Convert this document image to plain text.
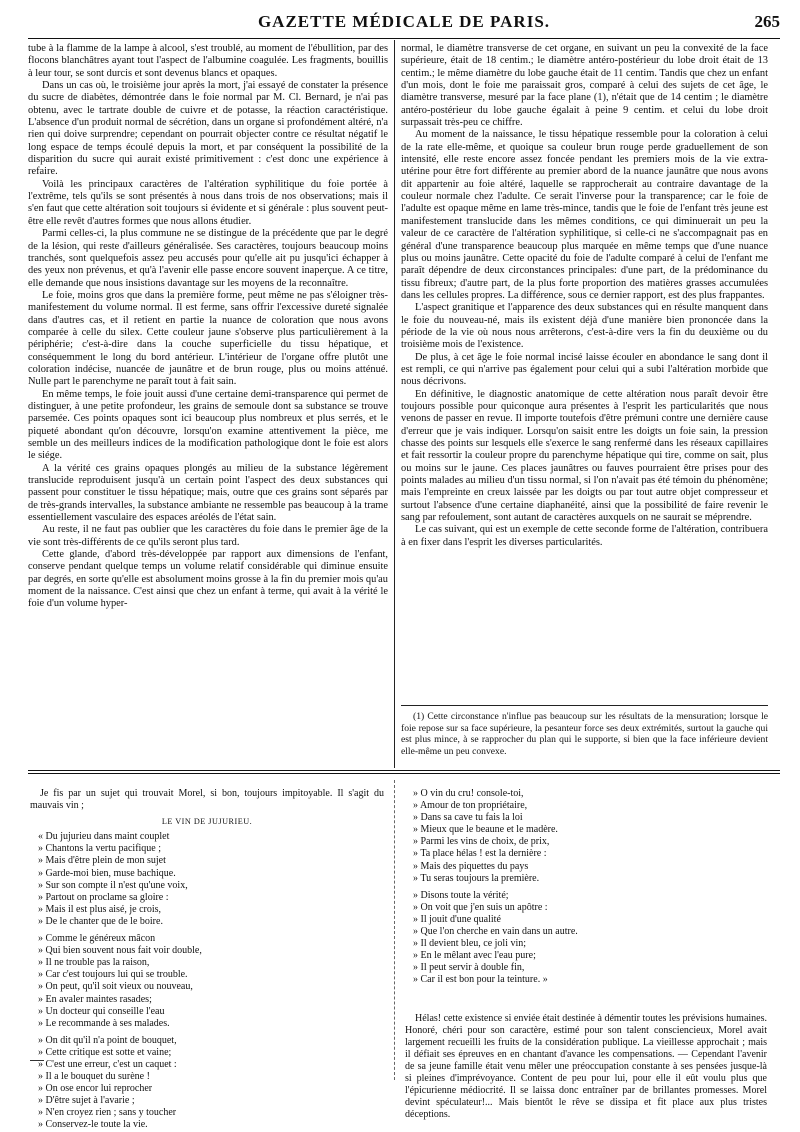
GAZETTE MÉDICALE DE PARIS.	265

tube à la flamme de la lampe à alcool, s'est troublé, au moment de l'ébullition, par des flocons blanchâtres ayant tout l'aspect de l'albumine coagulée. Les fragments, bouillis à leur tour, se sont durcis et sont devenus blancs et opaques.

Dans un cas où, le troisième jour après la mort, j'ai essayé de constater la présence du sucre de diabètes, démontrée dans le foie normal par M. Cl. Bernard, je n'ai pas obtenu, avec le tartrate double de cuivre et de potasse, la réaction caractéristique. L'absence d'un produit normal de sécrétion, dans un organe si profondément altéré, n'a rien qui doive surprendre; cependant on pourrait objecter contre ce résultat négatif le long espace de temps écoulé depuis la mort, et par conséquent la possibilité de la disparition du sucre qui aurait existé primitivement : c'est donc une expérience à refaire.

Voilà les principaux caractères de l'altération syphilitique du foie portée à l'extrême, tels qu'ils se sont présentés à nous dans trois de nos observations; mais il s'en faut que cette altération soit toujours si évidente et si générale : plus souvent peut-être elle revêt d'autres formes que nous allons étudier.

Parmi celles-ci, la plus commune ne se distingue de la précédente que par le degré de la lésion, qui reste d'ailleurs généralisée. Ses caractères, toujours beaucoup moins tranchés, sont quelquefois assez peu accusés pour qu'elle ait pu jusqu'ici échapper à des yeux non prévenus, et qu'à l'avenir elle passe encore souvent inaperçue. A ce titre, elle demande que nous insistions davantage sur les moyens de la reconnaître.

Le foie, moins gros que dans la première forme, peut même ne pas s'éloigner très-manifestement du volume normal. Il est ferme, sans offrir l'excessive dureté signalée dans d'autres cas, et il retient en partie la nuance de coloration que nous avons comparée à celle du silex. Cette couleur jaune s'observe plus particulièrement à la périphérie; c'est-à-dire dans la couche superficielle du tissu hépatique, et conséquemment le long du bord antérieur. L'intérieur de l'organe offre plutôt une coloration indécise, nuancée de jaunâtre et de brun rouge, plus ou moins atténué. Nulle part le parenchyme ne paraît tout à fait sain.

En même temps, le foie jouit aussi d'une certaine demi-transparence qui permet de distinguer, à une petite profondeur, les grains de semoule dont sa substance se trouve parsemée. Ces points opaques sont ici beaucoup plus nombreux et plus serrés, et le piqueté abondant qu'on découvre, lorsqu'on examine attentivement la pièce, me semble un des meilleurs indices de la modification pathologique dont le foie est alors le siége.

A la vérité ces grains opaques plongés au milieu de la substance légèrement translucide reproduisent jusqu'à un certain point l'aspect des deux substances qui passent pour constituer le tissu hépatique; mais, outre que ces grains sont séparés par de très-grands intervalles, la substance ambiante ne ressemble pas beaucoup à la trame essentiellement vasculaire des espaces aréolés de l'état sain.

Au reste, il ne faut pas oublier que les caractères du foie dans le premier âge de la vie sont très-différents de ce qu'ils seront plus tard.

Cette glande, d'abord très-développée par rapport aux dimensions de l'enfant, conserve pendant quelque temps un volume relatif considérable qui diminue ensuite par degrés, en sorte qu'elle est absolument moins grosse à la fin du premier mois qu'au moment de la naissance. C'est ainsi que chez un enfant à terme, qui avait à la vérité le foie d'un volume hyper-

normal, le diamètre transverse de cet organe, en suivant un peu la convexité de la face supérieure, était de 18 centim.; le diamètre antéro-postérieur du lobe droit était de 13 centim.; le même diamètre du lobe gauche était de 11 centim. Tandis que chez un enfant d'un mois, dont le foie me paraissait gros, comparé à celui des sujets de cet âge, le diamètre transverse, mesuré par la face plane (1), n'était que de 14 centim ; le diamètre antéro-postérieur du lobe gauche égalait à peine 9 centim. et celui du lobe droit surpassait très-peu ce chiffre.

Au moment de la naissance, le tissu hépatique ressemble pour la coloration à celui de la rate elle-même, et quoique sa couleur brun rouge perde graduellement de son intensité, elle reste encore assez foncée pendant les premiers mois de la vie extra-utérine pour être fort différente au premier abord de la nuance jaunâtre que nous avons dit appartenir au foie altéré, laquelle se rapprocherait au contraire davantage de la couleur normale chez l'adulte. Ce serait l'inverse pour la transparence; car le foie de l'adulte est opaque même en lame très-mince, tandis que le foie de l'enfant très jeune est manifestement translucide dans les mêmes conditions, ce qui diminuerait un peu la valeur de ce caractère de l'altération syphilitique, si celle-ci ne s'accompagnait pas en général d'une transparence beaucoup plus marquée en même temps que d'une nuance plus ou moins jaunâtre. Cette opacité du foie de l'adulte comparé à celui de l'enfant me paraît dépendre de deux circonstances principales: d'une part, de la prédominance du tissu fibreux; d'autre part, de la plus forte proportion des matières grasses accumulées dans les cellules propres. La différence, sous ce dernier rapport, est des plus frappantes.

L'aspect granitique et l'apparence des deux substances qui en résulte manquent dans le foie du nouveau-né, mais ils existent déjà d'une manière bien prononcée dans la période de la vie où nous nous arrêterons, c'est-à-dire vers la fin du deuxième ou du troisième mois de l'existence.

De plus, à cet âge le foie normal incisé laisse écouler en abondance le sang dont il est rempli, ce qui n'arrive pas également pour celui qui a subi l'altération morbide que nous décrivons.

En définitive, le diagnostic anatomique de cette altération nous paraît devoir être toujours possible pour quiconque aura présentes à l'esprit les particularités que nous venons de passer en revue. Il importe toutefois d'être prémuni contre une dernière cause d'erreur que je vais indiquer. Lorsqu'on saisit entre les doigts un foie sain, la pression chasse des points sur lesquels elle s'exerce le sang renfermé dans les réseaux capillaires et fait ressortir la couleur propre du parenchyme hépatique qui tire, comme on sait, plus ou moins sur le jaune. Ces places jaunâtres ou fauves pourraient être prises pour des points malades au milieu d'un tissu normal, si l'on n'avait pas été témoin du phénomène; mais l'empreinte en creux laissée par les doigts ou par tout autre objet compresseur et surtout l'absence d'une certaine diaphanéité, ainsi que la possibilité de faire revenir le sang par refoulement, sont autant de caractères auxquels on ne saurait se méprendre.

Le cas suivant, qui est un exemple de cette seconde forme de l'altération, contribuera à en fixer dans l'esprit les diverses particularités.

(1) Cette circonstance n'influe pas beaucoup sur les résultats de la mensuration; lorsque le foie repose sur sa face supérieure, la pesanteur force ses deux extrémités, surtout la gauche qui est plus mince, à se rapprocher du plan qui le supporte, si bien que la face inférieure devient elle-même un peu convexe.

Je fis par un sujet qui trouvait Morel, si bon, toujours impitoyable. Il s'agit du mauvais vin ;

LE VIN DE JUJURIEU.

« Du jujurieu dans maint couplet

» Chantons la vertu pacifique ;

» Mais d'être plein de mon sujet

» Garde-moi bien, muse bachique.

» Sur son compte il n'est qu'une voix,

» Partout on proclame sa gloire :

» Mais il est plus aisé, je crois,

» De le chanter que de le boire.

» Comme le généreux mâcon

» Qui bien souvent nous fait voir double,

» Il ne trouble pas la raison,

» Car c'est toujours lui qui se trouble.

» On peut, qu'il soit vieux ou nouveau,

» En avaler maintes rasades;

» Un docteur qui conseille l'eau

» Le recommande à ses malades.

» On dit qu'il n'a point de bouquet,

» Cette critique est sotte et vaine;

» C'est une erreur, c'est un caquet :

» Il a le bouquet du surène !

» On ose encor lui reprocher

» D'être sujet à l'avarie ;

» N'en croyez rien ; sans y toucher

» Conservez-le toute la vie.

» O vin du cru! console-toi,

» Amour de ton propriétaire,

» Dans sa cave tu fais la loi

» Mieux que le beaune et le madère.

» Parmi les vins de choix, de prix,

» Ta place hélas ! est la dernière :

» Mais des piquettes du pays

» Tu seras toujours la première.

» Disons toute la vérité;

» On voit que j'en suis un apôtre :

» Il jouit d'une qualité

» Que l'on cherche en vain dans un autre.

» Il devient bleu, ce joli vin;

» En le mêlant avec l'eau pure;

» Il peut servir à double fin,

» Car il est bon pour la teinture. »

Hélas! cette existence si enviée était destinée à démentir toutes les prévisions humaines. Honoré, chéri pour son caractère, estimé pour son talent consciencieux, Morel avait largement recueilli les fruits de la considération publique. La vieillesse approchait ; mais il défiait ses épreuves en en chantant d'avance les compensations. — Cependant l'avenir de sa jeune famille était venu mêler une préoccupation constante à ses pensées jusque-là si pleines d'imprévoyance. Content de peu pour lui, pour elle il eût voulu plus que l'épicurienne médiocrité. Il se laissa donc entraîner par de brillantes promesses. Morel devint spéculateur!... Mais bientôt le rêve se dissipa et fit place aux plus tristes déceptions.
